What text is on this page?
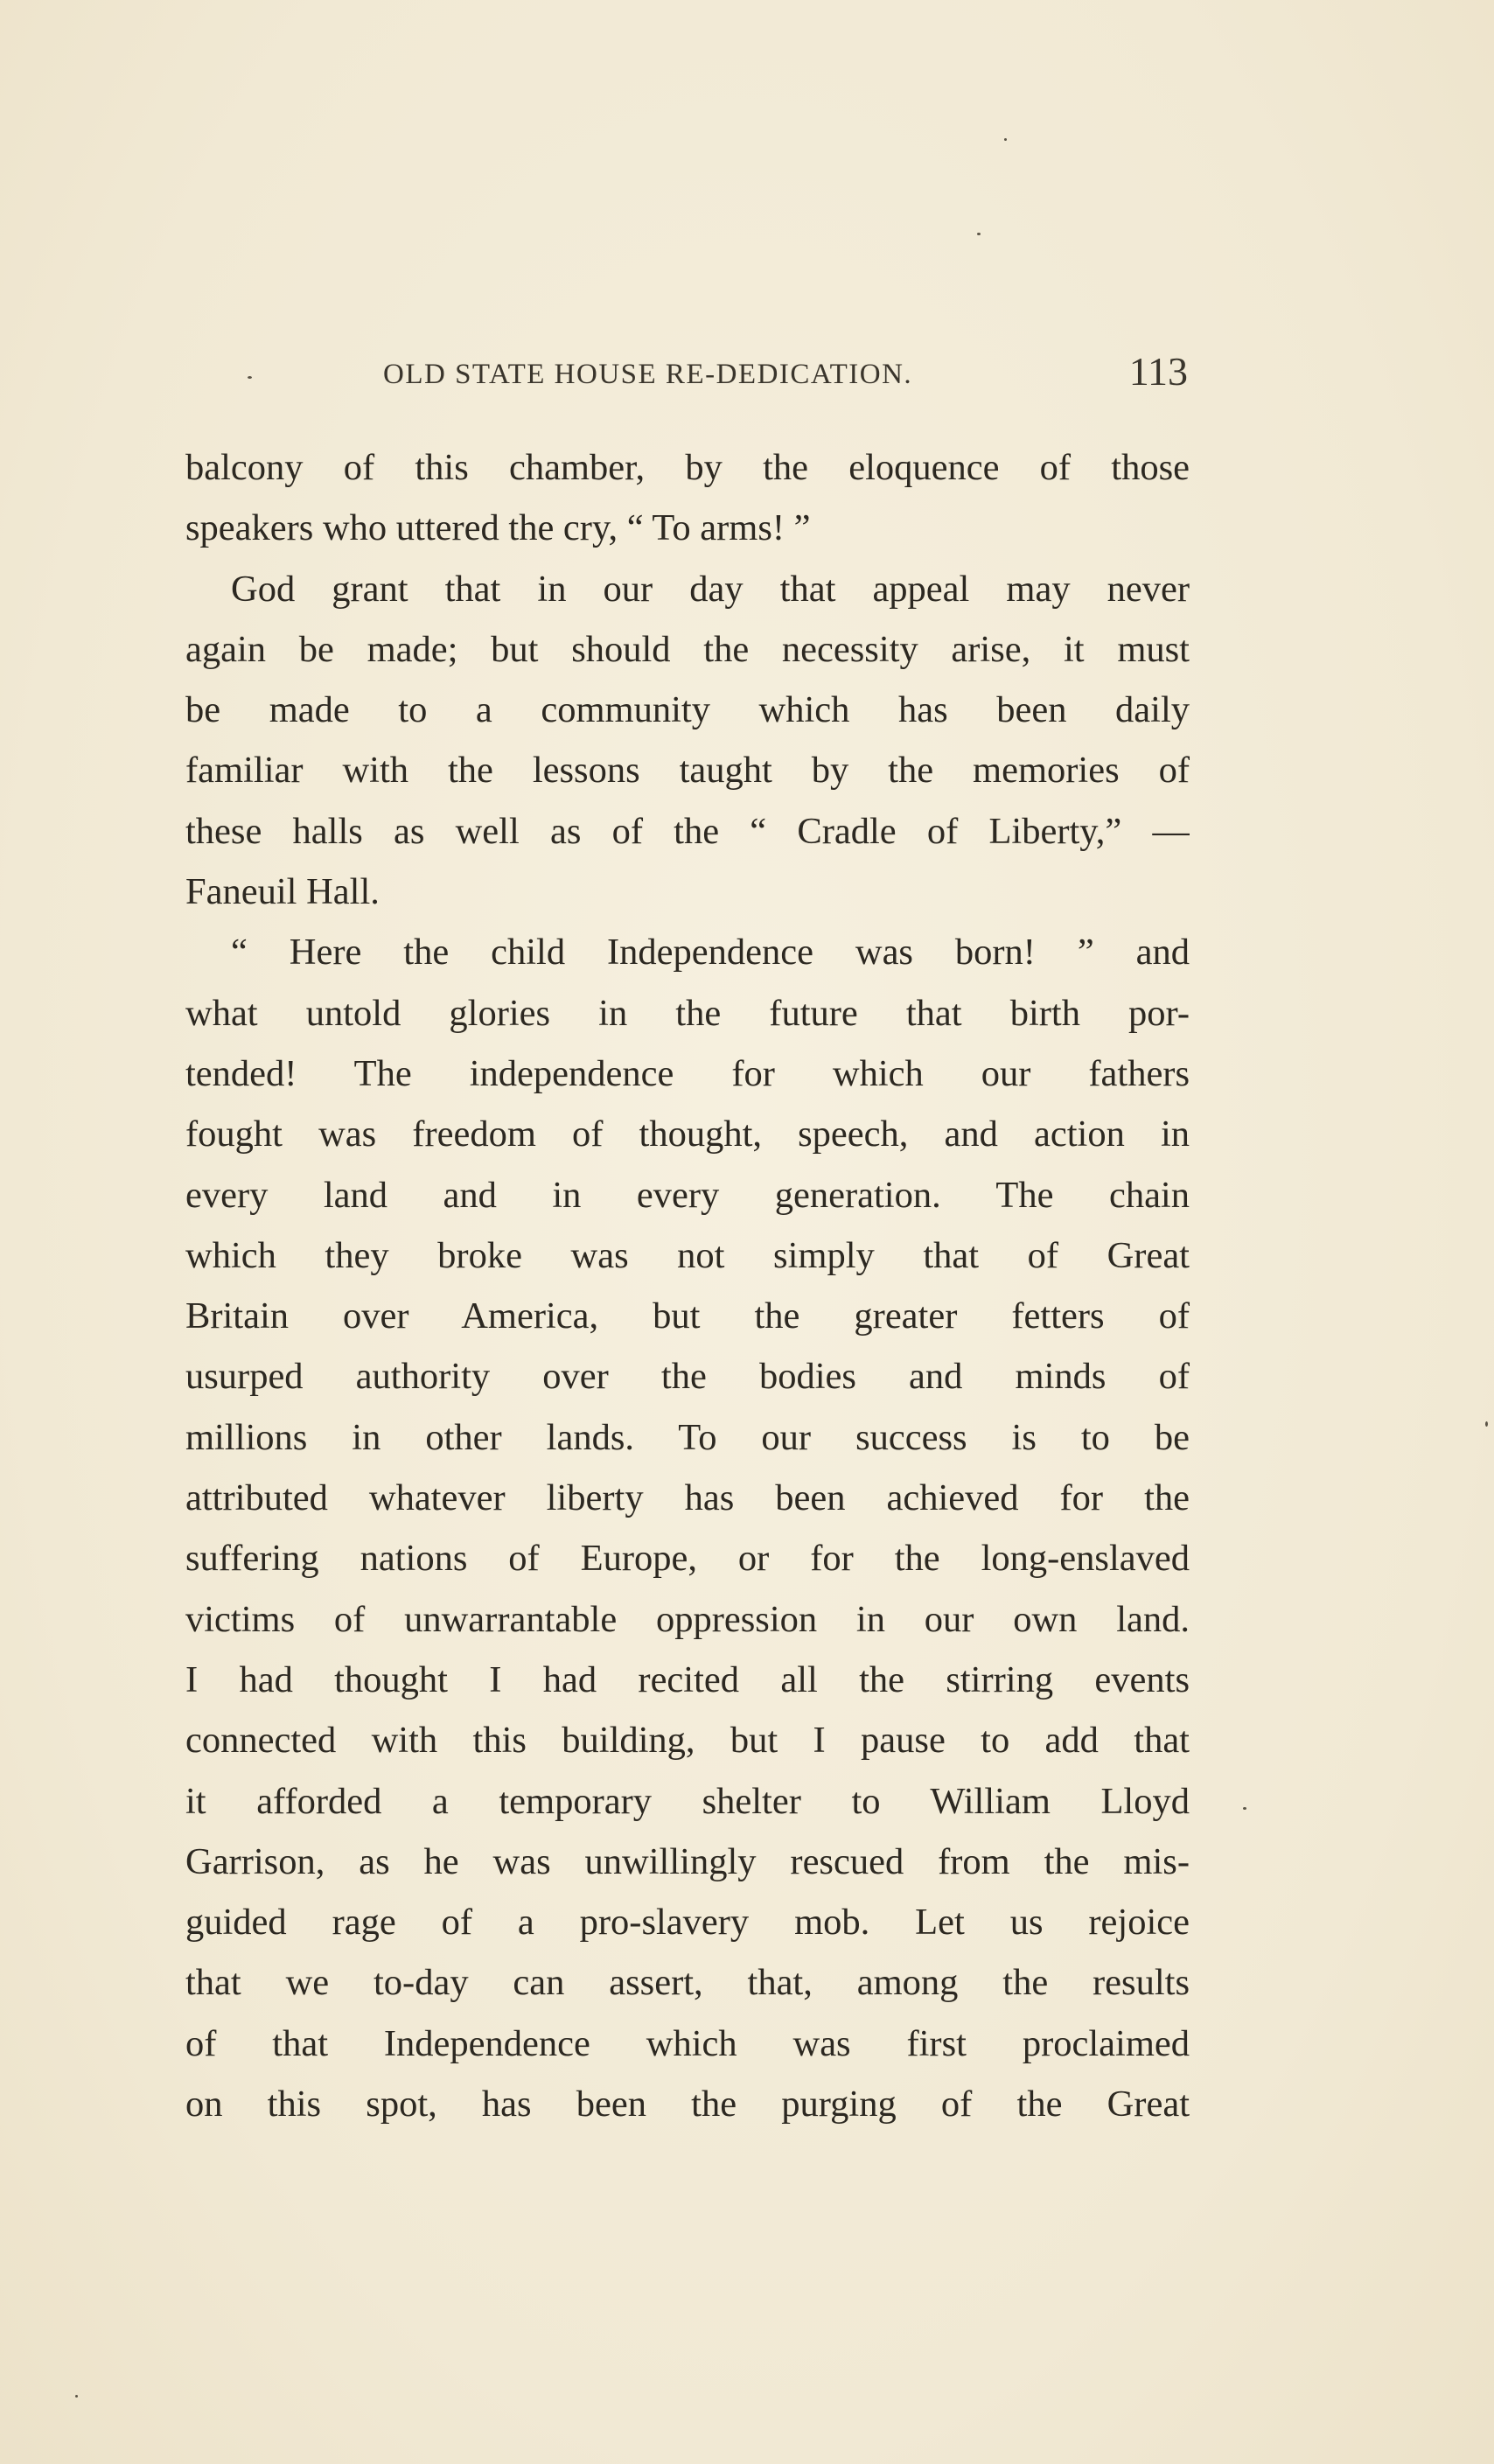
OLD STATE HOUSE RE-DEDICATION.	113
balcony of this chamber, by the eloquence of those
speakers who uttered the cry, “ To arms! ”
God grant that in our day that appeal may never
again be made; but should the necessity arise, it must
be made to a community which has been daily
familiar with the lessons taught by the memories of
these halls as well as of the “ Cradle of Liberty,” —
Faneuil Hall.
“ Here the child Independence was born! ” and
what untold glories in the future that birth por-
tended! The independence for which our fathers
fought was freedom of thought, speech, and action in
every land and in every generation. The chain
which they broke was not simply that of Great
Britain over America, but the greater fetters of
usurped authority over the bodies and minds of
millions in other lands. To our success is to be
attributed whatever liberty has been achieved for the
suffering nations of Europe, or for the long-enslaved
victims of unwarrantable oppression in our own land.
I had thought I had recited all the stirring events
connected with this building, but I pause to add that
it afforded a temporary shelter to William Lloyd
Garrison, as he was unwillingly rescued from the mis-
guided rage of a pro-slavery mob. Let us rejoice
that we to-day can assert, that, among the results
of that Independence which was first proclaimed
on this spot, has been the purging of the Great
